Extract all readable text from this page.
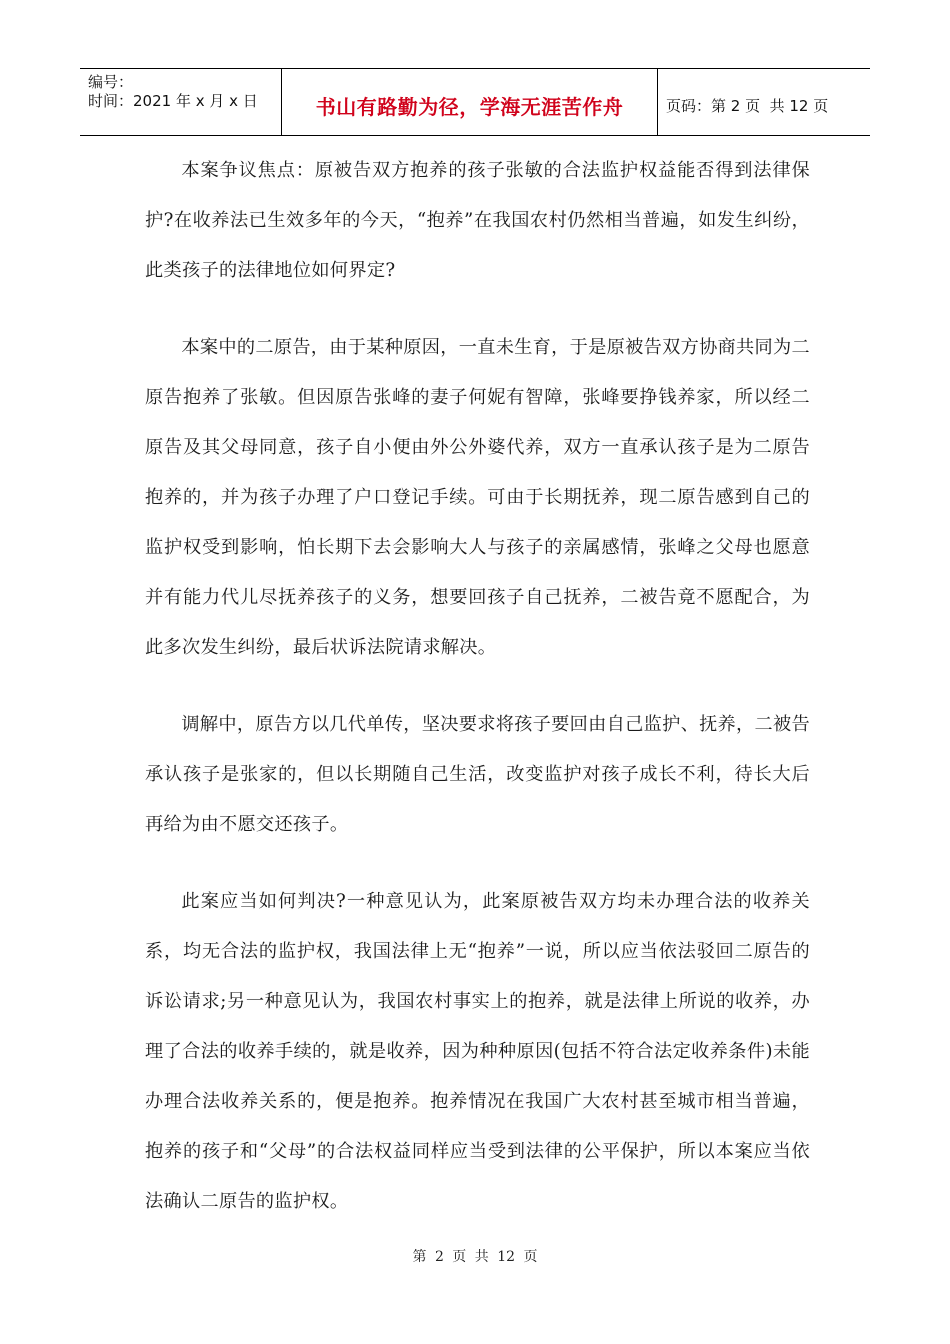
编号：
时间：2021 年 x 月 x 日	书山有路勤为径，学海无涯苦作舟	页码：第 2 页  共 12 页

本案争议焦点：原被告双方抱养的孩子张敏的合法监护权益能否得到法律保护?在收养法已生效多年的今天，“抱养”在我国农村仍然相当普遍，如发生纠纷，此类孩子的法律地位如何界定?

本案中的二原告，由于某种原因，一直未生育，于是原被告双方协商共同为二原告抱养了张敏。但因原告张峰的妻子何妮有智障，张峰要挣钱养家，所以经二原告及其父母同意，孩子自小便由外公外婆代养，双方一直承认孩子是为二原告抱养的，并为孩子办理了户口登记手续。可由于长期抚养，现二原告感到自己的监护权受到影响，怕长期下去会影响大人与孩子的亲属感情，张峰之父母也愿意并有能力代儿尽抚养孩子的义务，想要回孩子自己抚养，二被告竟不愿配合，为此多次发生纠纷，最后状诉法院请求解决。

调解中，原告方以几代单传，坚决要求将孩子要回由自己监护、抚养，二被告承认孩子是张家的，但以长期随自己生活，改变监护对孩子成长不利，待长大后再给为由不愿交还孩子。

此案应当如何判决?一种意见认为，此案原被告双方均未办理合法的收养关系，均无合法的监护权，我国法律上无“抱养”一说，所以应当依法驳回二原告的诉讼请求;另一种意见认为，我国农村事实上的抱养，就是法律上所说的收养，办理了合法的收养手续的，就是收养，因为种种原因(包括不符合法定收养条件)未能办理合法收养关系的，便是抱养。抱养情况在我国广大农村甚至城市相当普遍，抱养的孩子和“父母”的合法权益同样应当受到法律的公平保护，所以本案应当依法确认二原告的监护权。

第 2 页 共 12 页
